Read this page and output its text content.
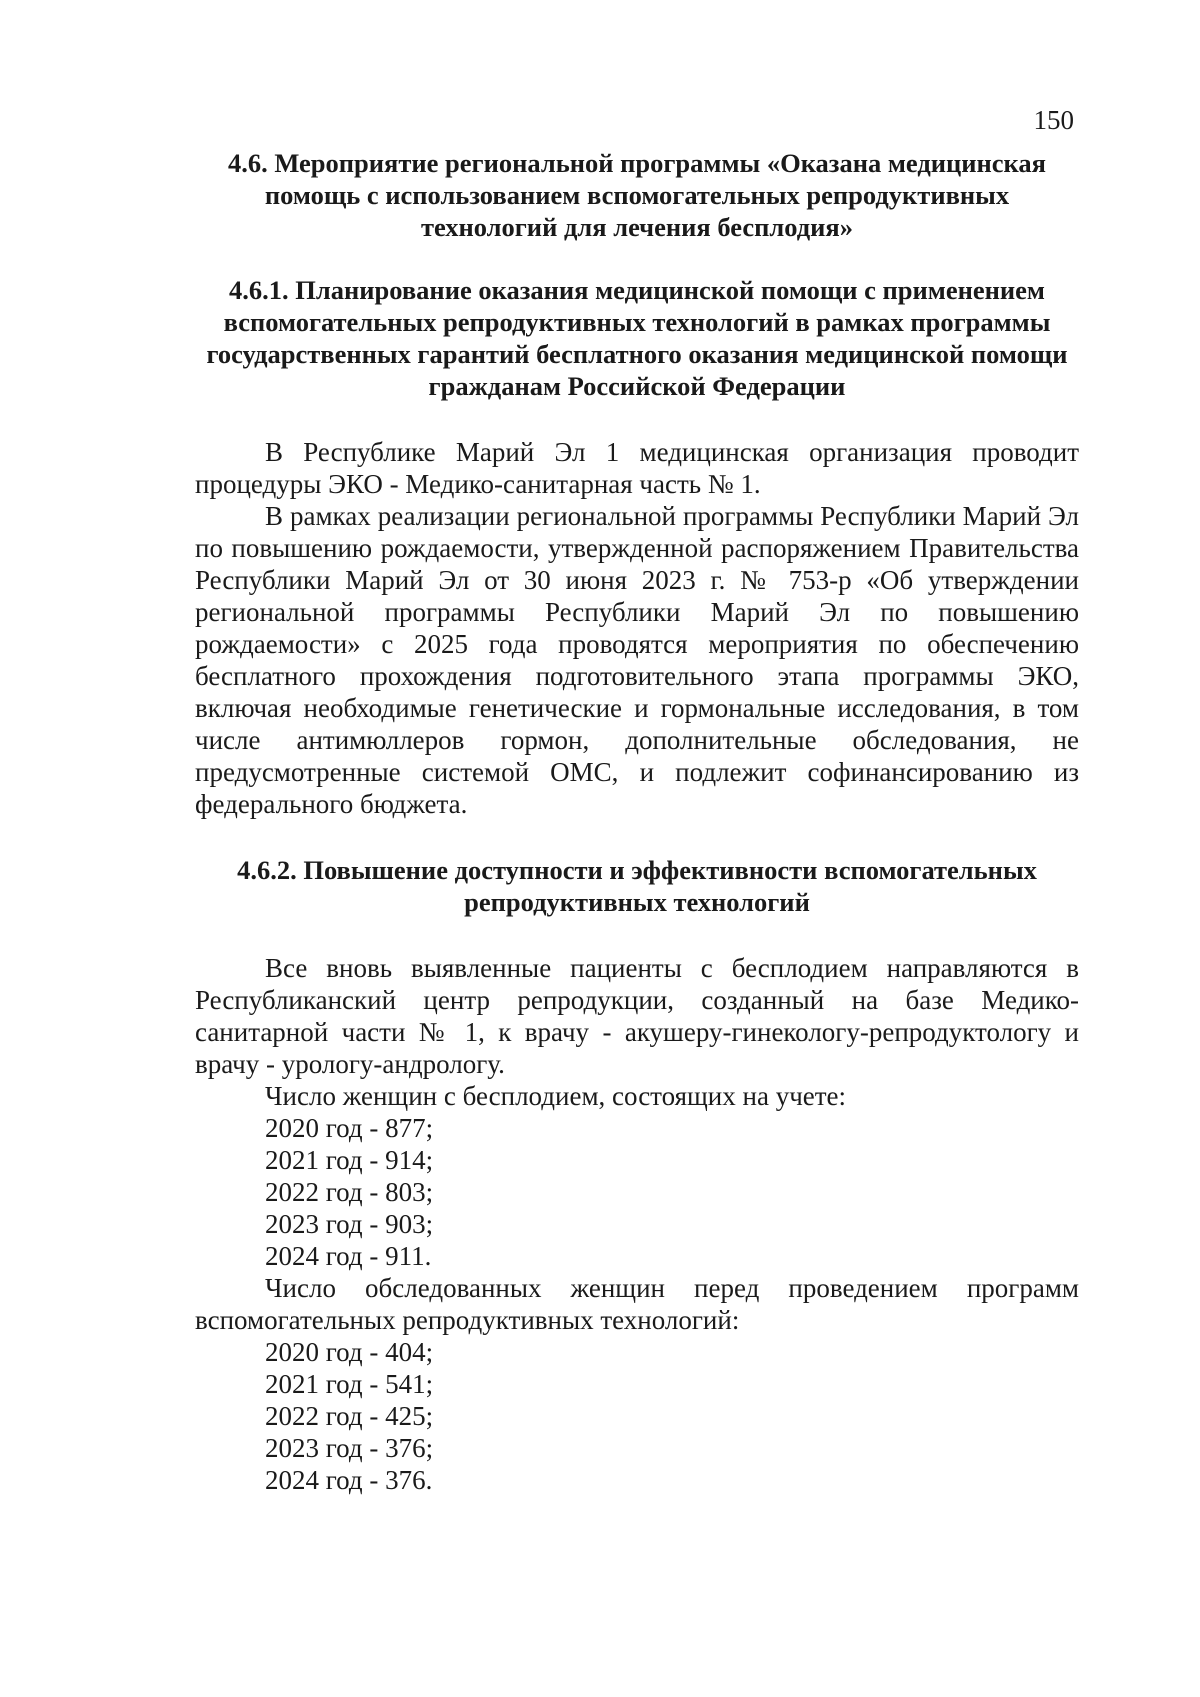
150

4.6. Мероприятие региональной программы «Оказана медицинская помощь с использованием вспомогательных репродуктивных технологий для лечения бесплодия»

4.6.1. Планирование оказания медицинской помощи с применением вспомогательных репродуктивных технологий в рамках программы государственных гарантий бесплатного оказания медицинской помощи гражданам Российской Федерации

В Республике Марий Эл 1 медицинская организация проводит процедуры ЭКО - Медико-санитарная часть № 1.

В рамках реализации региональной программы Республики Марий Эл по повышению рождаемости, утвержденной распоряжением Правительства Республики Марий Эл от 30 июня 2023 г. № 753-р «Об утверждении региональной программы Республики Марий Эл по повышению рождаемости» с 2025 года проводятся мероприятия по обеспечению бесплатного прохождения подготовительного этапа программы ЭКО, включая необходимые генетические и гормональные исследования, в том числе антимюллеров гормон, дополнительные обследования, не предусмотренные системой ОМС, и подлежит софинансированию из федерального бюджета.

4.6.2. Повышение доступности и эффективности вспомогательных репродуктивных технологий

Все вновь выявленные пациенты с бесплодием направляются в Республиканский центр репродукции, созданный на базе Медико-санитарной части № 1, к врачу - акушеру-гинекологу-репродуктологу и врачу - урологу-андрологу.

Число женщин с бесплодием, состоящих на учете:

2020 год - 877;
2021 год - 914;
2022 год - 803;
2023 год - 903;
2024 год - 911.

Число обследованных женщин перед проведением программ вспомогательных репродуктивных технологий:

2020 год - 404;
2021 год - 541;
2022 год - 425;
2023 год - 376;
2024 год - 376.
